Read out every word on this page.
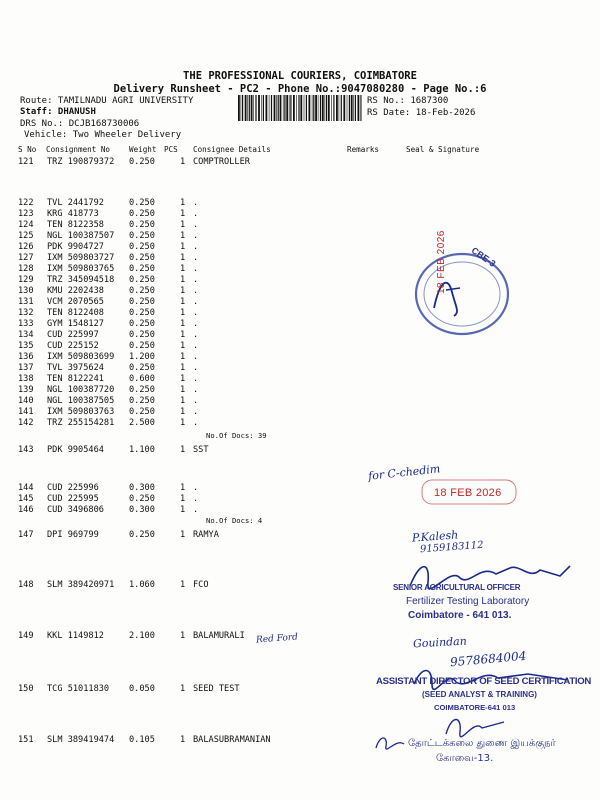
THE PROFESSIONAL COURIERS, COIMBATORE
Delivery Runsheet - PC2 - Phone No.:9047080280 - Page No.:6
Route: TAMILNADU AGRI UNIVERSITY
Staff: DHANUSH
DRS No.: DCJB168730006
Vehicle: Two Wheeler Delivery
RS No.: 1687300
RS Date: 18-Feb-2026
S No Consignment No Weight PCS Consignee Details	Remarks	Seal & Signature
121 TRZ 190879372 0.250	1 COMPTROLLER
122 TVL 2441792	0.250	1 .
123 KRG 418773	0.250	1 .
124 TEN 8122358	0.250	1 .
125 NGL 100387507 0.250	1 .
126 PDK 9904727	0.250	1 .
127 IXM 509803727 0.250	1 .
128 IXM 509803765 0.250	1 .
129 TRZ 345094518 0.250	1 .
130 KMU 2202438	0.250	1 .
131 VCM 2070565	0.250	1 .
132 TEN 8122408	0.250	1 .
133 GYM 1548127	0.250	1 .
134 CUD 225997	0.250	1 .
135 CUD 225152	0.250	1 .
136 IXM 509803699 1.200	1 .
137 TVL 3975624	0.250	1 .
138 TEN 8122241	0.600	1 .
139 NGL 100387720 0.250	1 .
140 NGL 100387505 0.250	1 .
141 IXM 509803763 0.250	1 .
142 TRZ 255154281 2.500	1 .
143 PDK 9905464	1.100	1 SST
144 CUD 225996	0.300	1 .
145 CUD 225995	0.250	1 .
146 CUD 3496806	0.300	1 .
147 DPI 969799	0.250	1 RAMYA
148 SLM 389420971 1.060	1 FCO
149 KKL 1149812	2.100	1 BALAMURALI
150 TCG 51011830 0.050	1 SEED TEST
151 SLM 389419474 0.105	1 BALASUBRAMANIAN
No.Of Docs: 39
No.Of Docs: 4
CBE-3
18 FEB 2026
18 FEB 2026
for C-chedim
P.Kalesh
9159183112
Red Ford	Gouindan
9578684004
SENIOR AGRICULTURAL OFFICER
Fertilizer Testing Laboratory
Coimbatore - 641 013.
ASSISTANT DIRECTOR OF SEED CERTIFICATION
(SEED ANALYST & TRAINING)
COIMBATORE-641 013
தோட்டக்கலை துணை இயக்குநர்
கோவை-13.
